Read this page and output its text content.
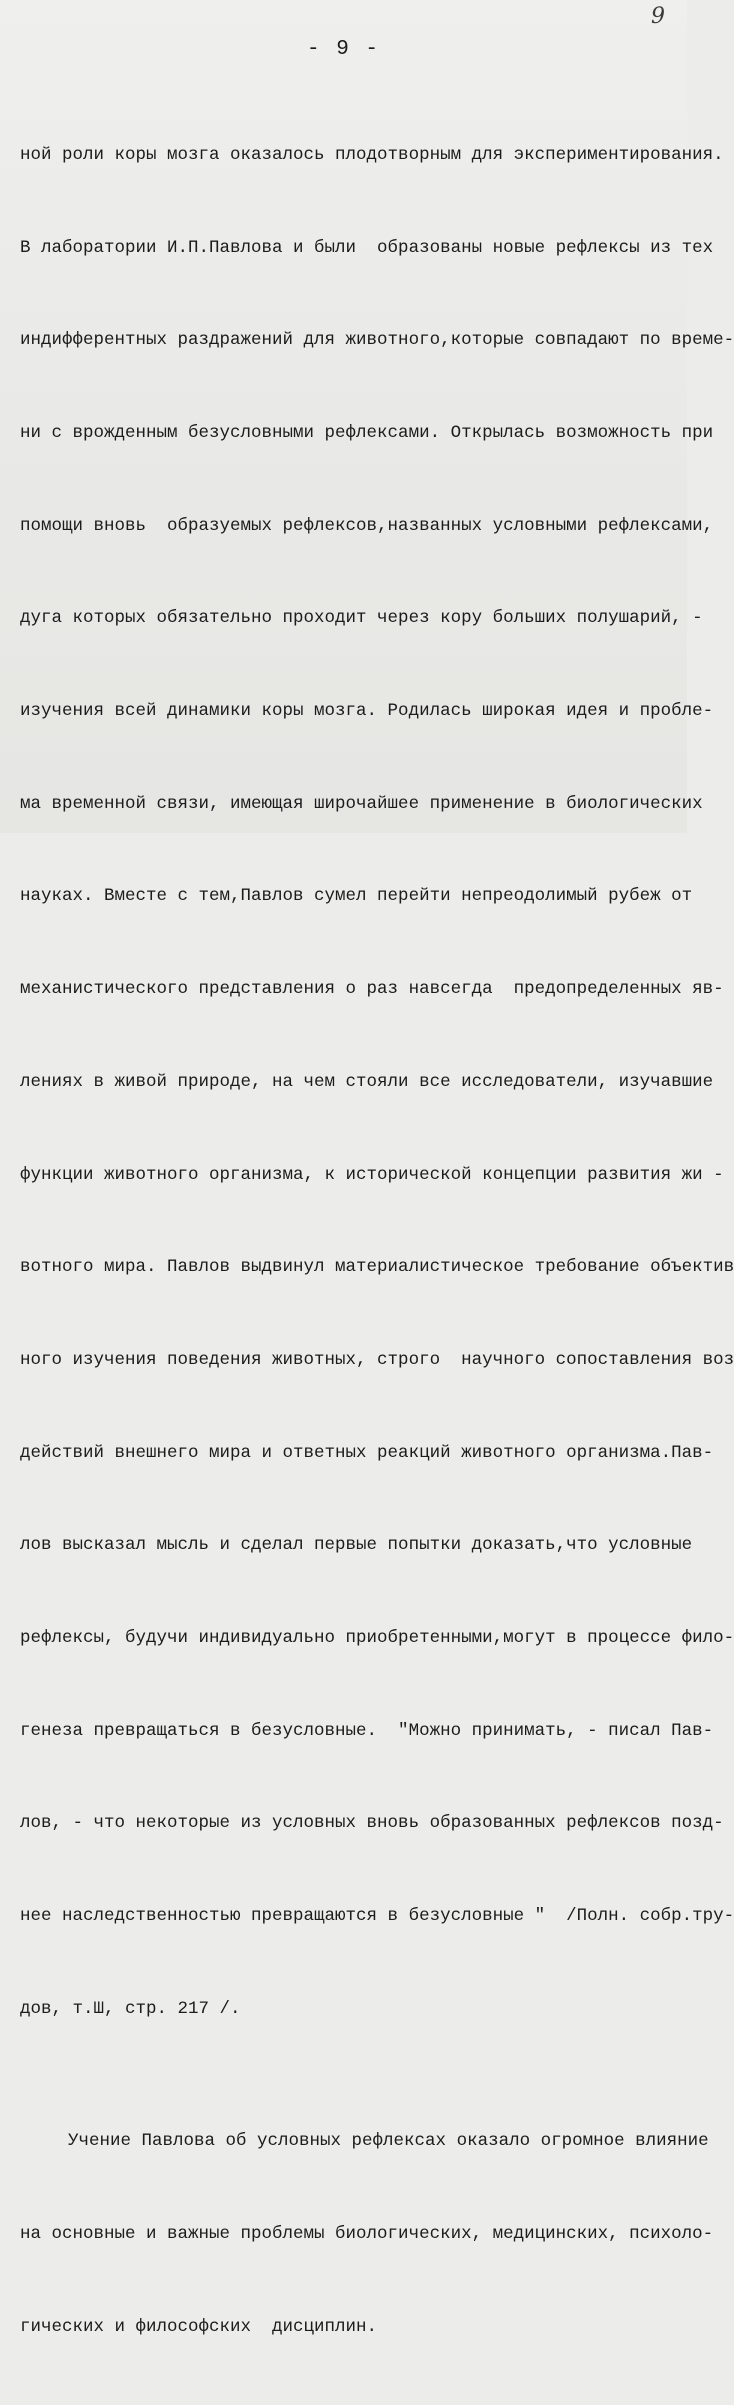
9
- 9 -

ной роли коры мозга оказалось плодотворным для экспериментирования.

В лаборатории И.П.Павлова и были  образованы новые рефлексы из тех

индифферентных раздражений для животного,которые совпадают по време-

ни с врожденным безусловными рефлексами. Открылась возможность при

помощи вновь  образуемых рефлексов,названных условными рефлексами,

дуга которых обязательно проходит через кору больших полушарий, -

изучения всей динамики коры мозга. Родилась широкая идея и пробле-

ма временной связи, имеющая широчайшее применение в биологических

науках. Вместе с тем,Павлов сумел перейти непреодолимый рубеж от

механистического представления о раз навсегда  предопределенных яв-

лениях в живой природе, на чем стояли все исследователи, изучавшие

функции животного организма, к исторической концепции развития жи -

вотного мира. Павлов выдвинул материалистическое требование объектив

ного изучения поведения животных, строго  научного сопоставления воз

действий внешнего мира и ответных реакций животного организма.Пав-

лов высказал мысль и сделал первые попытки доказать,что условные

рефлексы, будучи индивидуально приобретенными,могут в процессе фило-

генеза превращаться в безусловные.  "Можно принимать, - писал Пав-

лов, - что некоторые из условных вновь образованных рефлексов позд-

нее наследственностью превращаются в безусловные "  /Полн. собр.тру-

дов, т.Ш, стр. 217 /.

Учение Павлова об условных рефлексах оказало огромное влияние

на основные и важные проблемы биологических, медицинских, психоло-

гических и философских  дисциплин.
